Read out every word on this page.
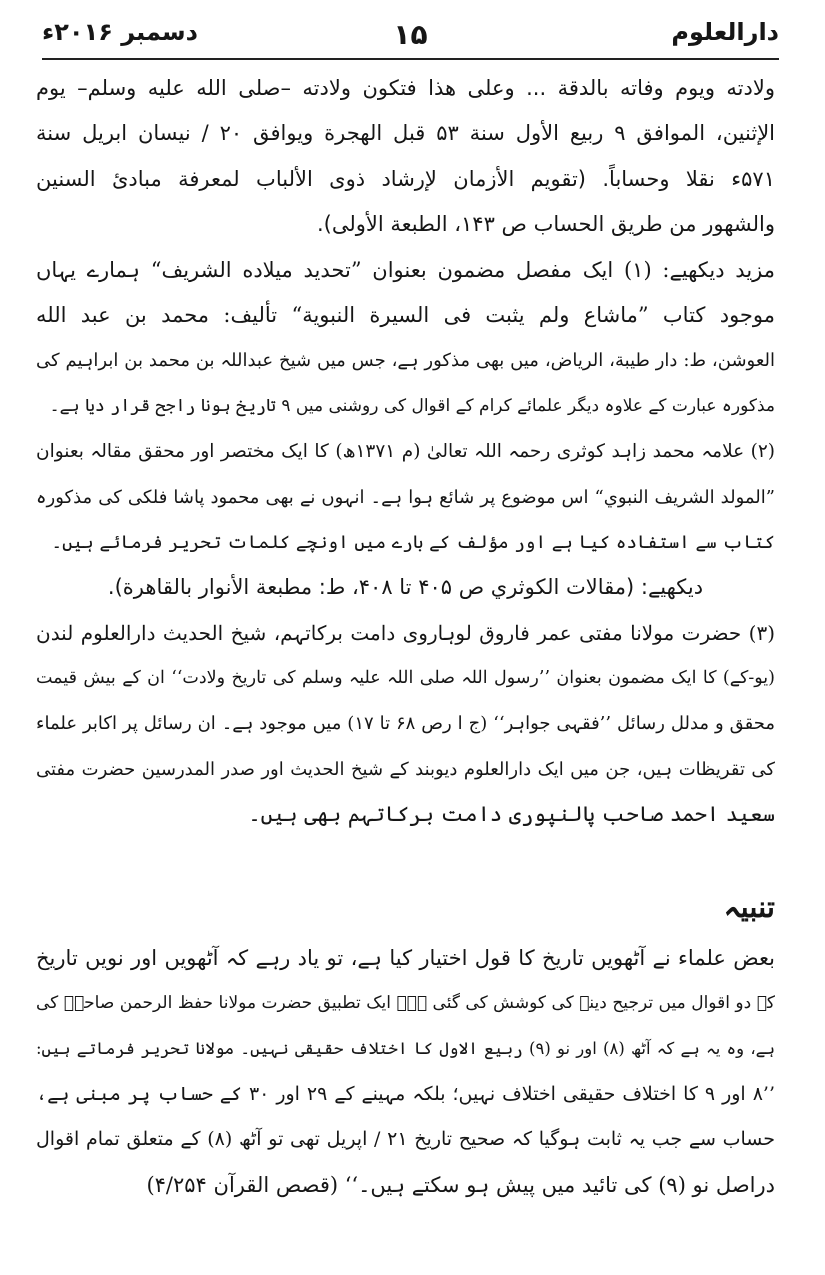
دارالعلوم
۱۵
دسمبر ۲۰۱۶ء
ولادته ويوم وفاته بالدقة ... وعلى هذا فتكون ولادته –صلى الله عليه وسلم– يوم
الإثنين، الموافق ۹ ربيع الأول سنة ۵۳ قبل الهجرة ويوافق ۲۰ / نيسان ابريل سنة
۵۷۱ء نقلا وحساباً. (تقويم الأزمان لإرشاد ذوى الألباب لمعرفة مبادئ السنين
والشهور من طريق الحساب ص ۱۴۳، الطبعة الأولى).
مزید دیکھیے: (۱) ایک مفصل مضمون بعنوان ”تحديد ميلاده الشريف“ ہمارے یہاں
موجود کتاب ”ماشاع ولم يثبت فى السيرة النبوية“ تأليف: محمد بن عبد الله
العوشن، ط: دار طيبة، الرياض، میں بھی مذکور ہے، جس میں شیخ عبداللہ بن محمد بن ابراہیم کی
مذکورہ عبارت کے علاوہ دیگر علمائے کرام کے اقوال کی روشنی میں ۹ تاریخ ہونا راجح قرار دیا ہے۔
(۲) علامہ محمد زاہد کوثری رحمہ اللہ تعالیٰ (م ۱۳۷۱ھ) کا ایک مختصر اور محقق مقالہ بعنوان
”المولد الشريف النبوي“ اس موضوع پر شائع ہوا ہے۔ انہوں نے بھی محمود پاشا فلکی کی مذکورہ
کتاب سے استفادہ کیا ہے اور مؤلف کے بارے میں اونچے کلمات تحریر فرمائے ہیں۔
دیکھیے: (مقالات الكوثري ص ۴۰۵ تا ۴۰۸، ط: مطبعة الأنوار بالقاهرة).
(۳) حضرت مولانا مفتی عمر فاروق لوہاروی دامت برکاتہم، شیخ الحدیث دارالعلوم لندن
(یو-کے) کا ایک مضمون بعنوان ’’رسول اللہ صلی اللہ علیہ وسلم کی تاریخ ولادت‘‘ ان کے بیش قیمت
محقق و مدلل رسائل ’’فقہی جواہر‘‘ (ج ا رص ۶۸ تا ۱۷) میں موجود ہے۔ ان رسائل پر اکابر علماء
کی تقریظات ہیں، جن میں ایک دارالعلوم دیوبند کے شیخ الحدیث اور صدر المدرسین حضرت مفتی
سعید احمد صاحب پالنپوری دامت برکاتہم بھی ہیں۔
تنبیہ
بعض علماء نے آٹھویں تاریخ کا قول اختیار کیا ہے، تو یاد رہے کہ آٹھویں اور نویں تاریخ
کے دو اقوال میں ترجیح دینے کی کوشش کی گئی ہے۔ ایک تطبیق حضرت مولانا حفظ الرحمن صاحبؒ کی
ہے، وہ یہ ہے کہ آٹھ (۸) اور نو (۹) ربیع الاول کا اختلاف حقیقی نہیں۔ مولانا تحریر فرماتے ہیں:
’’۸ اور ۹ کا اختلاف حقیقی اختلاف نہیں؛ بلکہ مہینے کے ۲۹ اور ۳۰ کے حساب پر مبنی ہے،
حساب سے جب یہ ثابت ہوگیا کہ صحیح تاریخ ۲۱ / اپریل تھی تو آٹھ (۸) کے متعلق تمام اقوال
دراصل نو (۹) کی تائید میں پیش ہو سکتے ہیں۔‘‘ (قصص القرآن ۴/۲۵۴)
